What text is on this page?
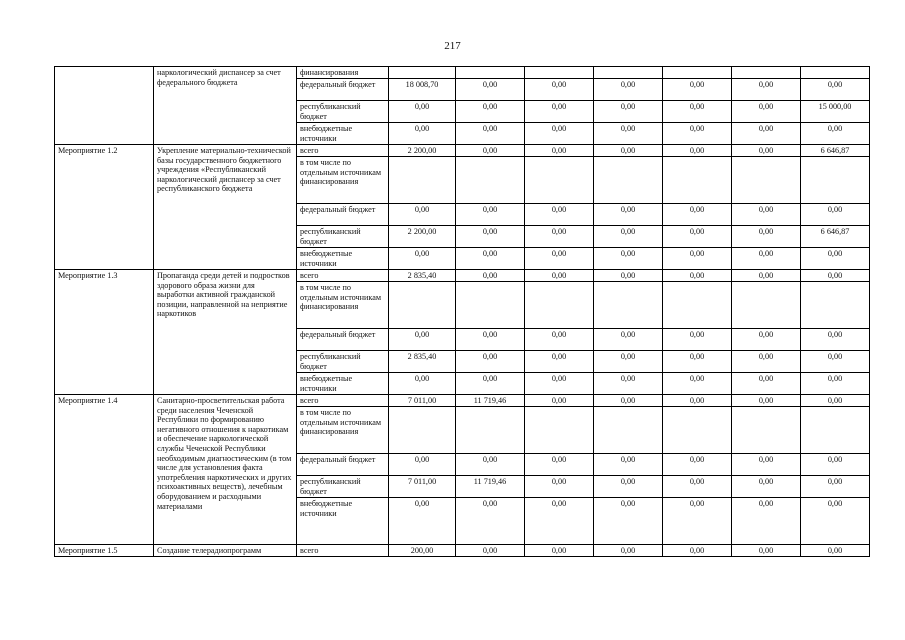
217
	наркологический диспансер за счет федерального бюджета	финансирования							
		федеральный бюджет	18 008,70	0,00	0,00	0,00	0,00	0,00	0,00
		республиканский бюджет	0,00	0,00	0,00	0,00	0,00	0,00	15 000,00
		внебюджетные источники	0,00	0,00	0,00	0,00	0,00	0,00	0,00
Мероприятие 1.2	Укрепление материально-технической базы государственного бюджетного учреждения «Республиканский наркологический диспансер за счет республиканского бюджета	всего	2 200,00	0,00	0,00	0,00	0,00	0,00	6 646,87
		в том числе по отдельным источникам финансирования							
		федеральный бюджет	0,00	0,00	0,00	0,00	0,00	0,00	0,00
		республиканский бюджет	2 200,00	0,00	0,00	0,00	0,00	0,00	6 646,87
		внебюджетные источники	0,00	0,00	0,00	0,00	0,00	0,00	0,00
Мероприятие 1.3	Пропаганда среди детей и подростков здорового образа жизни для выработки активной гражданской позиции, направленной на неприятие наркотиков	всего	2 835,40	0,00	0,00	0,00	0,00	0,00	0,00
		в том числе по отдельным источникам финансирования							
		федеральный бюджет	0,00	0,00	0,00	0,00	0,00	0,00	0,00
		республиканский бюджет	2 835,40	0,00	0,00	0,00	0,00	0,00	0,00
		внебюджетные источники	0,00	0,00	0,00	0,00	0,00	0,00	0,00
Мероприятие 1.4	Санитарно-просветительская работа среди населения Чеченской Республики по формированию негативного отношения к наркотикам и обеспечение наркологической службы Чеченской Республики необходимым диагностическим (в том числе для установления факта употребления наркотических и других психоактивных веществ), лечебным оборудованием и расходными материалами	всего	7 011,00	11 719,46	0,00	0,00	0,00	0,00	0,00
		в том числе по отдельным источникам финансирования							
		федеральный бюджет	0,00	0,00	0,00	0,00	0,00	0,00	0,00
		республиканский бюджет	7 011,00	11 719,46	0,00	0,00	0,00	0,00	0,00
		внебюджетные источники	0,00	0,00	0,00	0,00	0,00	0,00	0,00
Мероприятие 1.5	Создание телерадиопрограмм	всего	200,00	0,00	0,00	0,00	0,00	0,00	0,00
